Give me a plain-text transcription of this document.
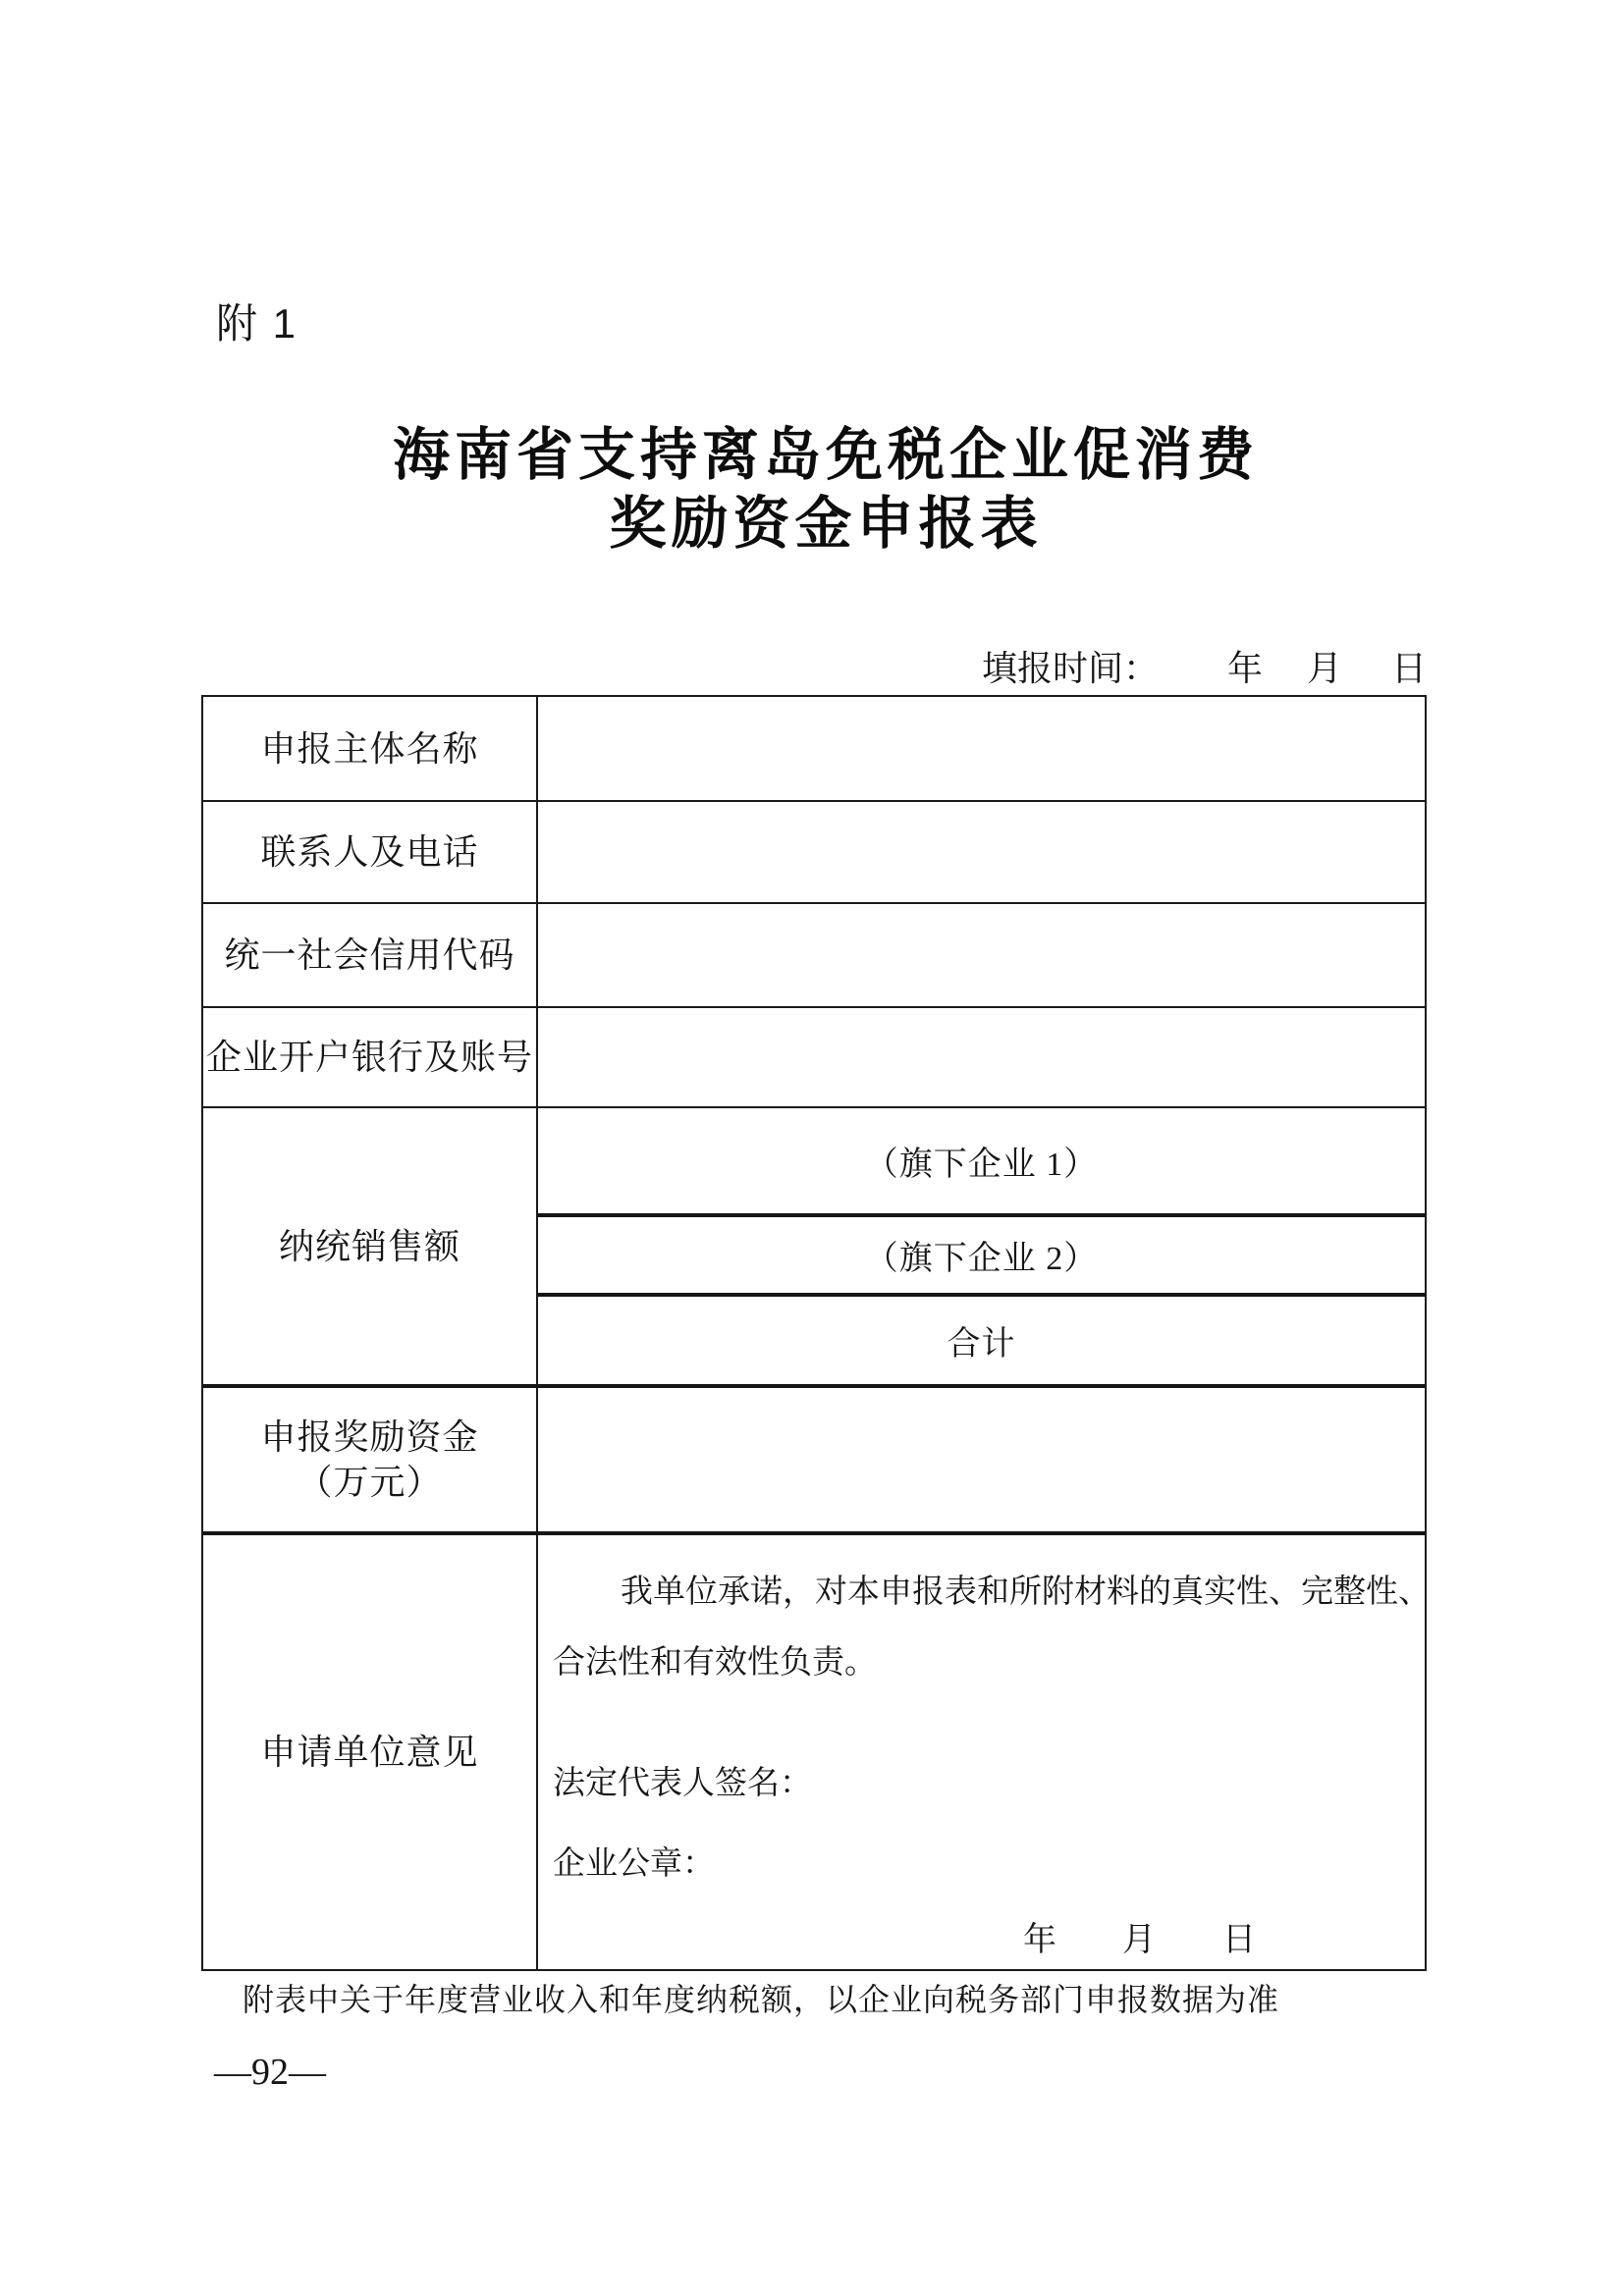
附 1
海南省支持离岛免税企业促消费
奖励资金申报表
填报时间： 年 月 日
申报主体名称
联系人及电话
统一社会信用代码
企业开户银行及账号
纳统销售额
（旗下企业 1）
（旗下企业 2）
合计
申报奖励资金
（万元）
申请单位意见
我单位承诺，对本申报表和所附材料的真实性、完整性、
合法性和有效性负责。
法定代表人签名：
企业公章：
年 月 日
附表中关于年度营业收入和年度纳税额，以企业向税务部门申报数据为准
—92—
